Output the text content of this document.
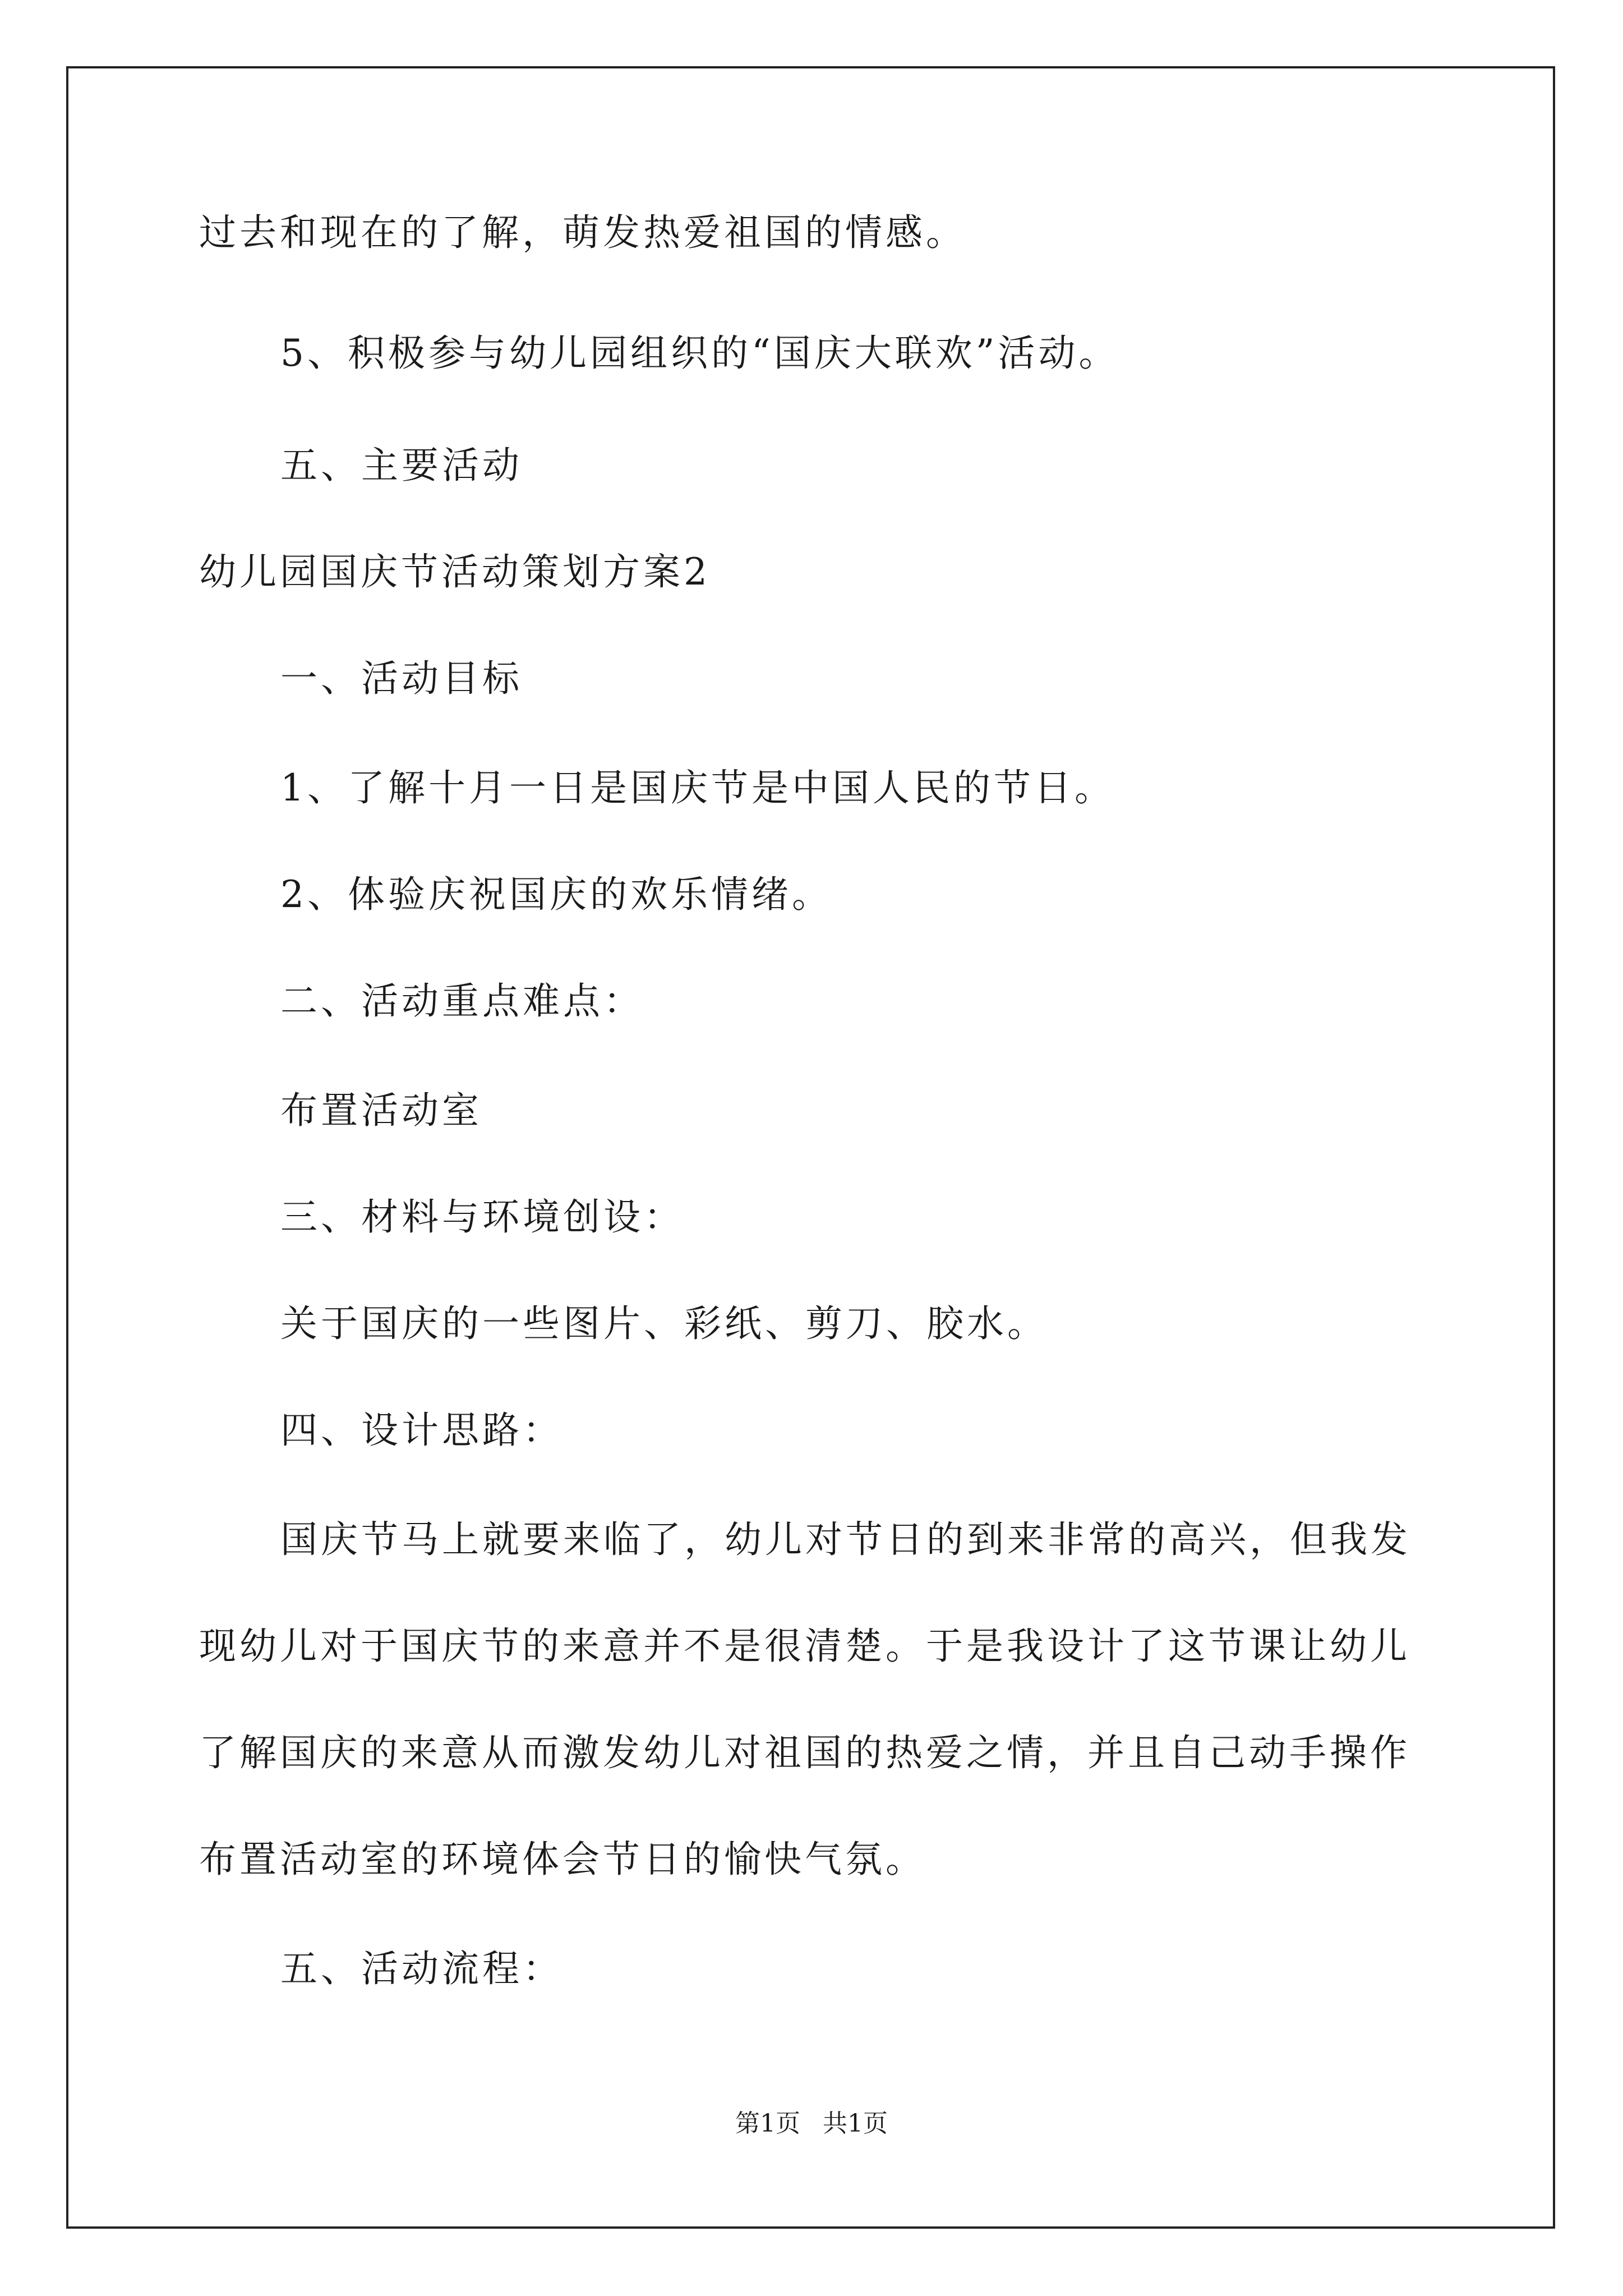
过去和现在的了解，萌发热爱祖国的情感。
5、积极参与幼儿园组织的“国庆大联欢”活动。
五、主要活动
幼儿园国庆节活动策划方案2
一、活动目标
1、了解十月一日是国庆节是中国人民的节日。
2、体验庆祝国庆的欢乐情绪。
二、活动重点难点：
布置活动室
三、材料与环境创设：
关于国庆的一些图片、彩纸、剪刀、胶水。
四、设计思路：
国庆节马上就要来临了，幼儿对节日的到来非常的高兴，但我发
现幼儿对于国庆节的来意并不是很清楚。于是我设计了这节课让幼儿
了解国庆的来意从而激发幼儿对祖国的热爱之情，并且自己动手操作
布置活动室的环境体会节日的愉快气氛。
五、活动流程：
第1页 共1页
